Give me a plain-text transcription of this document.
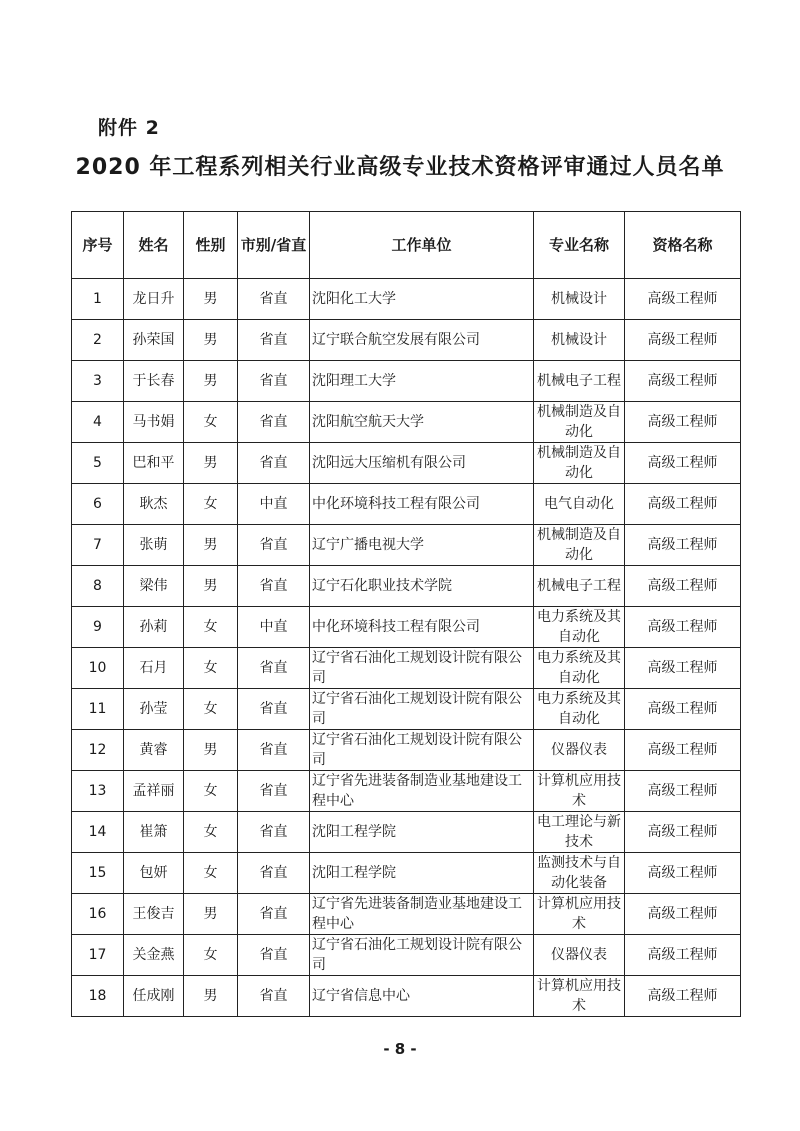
附件 2
2020 年工程系列相关行业高级专业技术资格评审通过人员名单
序号	姓名	性别	市别/省直	工作单位	专业名称	资格名称
1	龙日升	男	省直	沈阳化工大学	机械设计	高级工程师
2	孙荣国	男	省直	辽宁联合航空发展有限公司	机械设计	高级工程师
3	于长春	男	省直	沈阳理工大学	机械电子工程	高级工程师
4	马书娟	女	省直	沈阳航空航天大学	机械制造及自动化	高级工程师
5	巴和平	男	省直	沈阳远大压缩机有限公司	机械制造及自动化	高级工程师
6	耿杰	女	中直	中化环境科技工程有限公司	电气自动化	高级工程师
7	张萌	男	省直	辽宁广播电视大学	机械制造及自动化	高级工程师
8	梁伟	男	省直	辽宁石化职业技术学院	机械电子工程	高级工程师
9	孙莉	女	中直	中化环境科技工程有限公司	电力系统及其自动化	高级工程师
10	石月	女	省直	辽宁省石油化工规划设计院有限公司	电力系统及其自动化	高级工程师
11	孙莹	女	省直	辽宁省石油化工规划设计院有限公司	电力系统及其自动化	高级工程师
12	黄睿	男	省直	辽宁省石油化工规划设计院有限公司	仪器仪表	高级工程师
13	孟祥丽	女	省直	辽宁省先进装备制造业基地建设工程中心	计算机应用技术	高级工程师
14	崔箫	女	省直	沈阳工程学院	电工理论与新技术	高级工程师
15	包妍	女	省直	沈阳工程学院	监测技术与自动化装备	高级工程师
16	王俊吉	男	省直	辽宁省先进装备制造业基地建设工程中心	计算机应用技术	高级工程师
17	关金燕	女	省直	辽宁省石油化工规划设计院有限公司	仪器仪表	高级工程师
18	任成刚	男	省直	辽宁省信息中心	计算机应用技术	高级工程师
- 8 -
